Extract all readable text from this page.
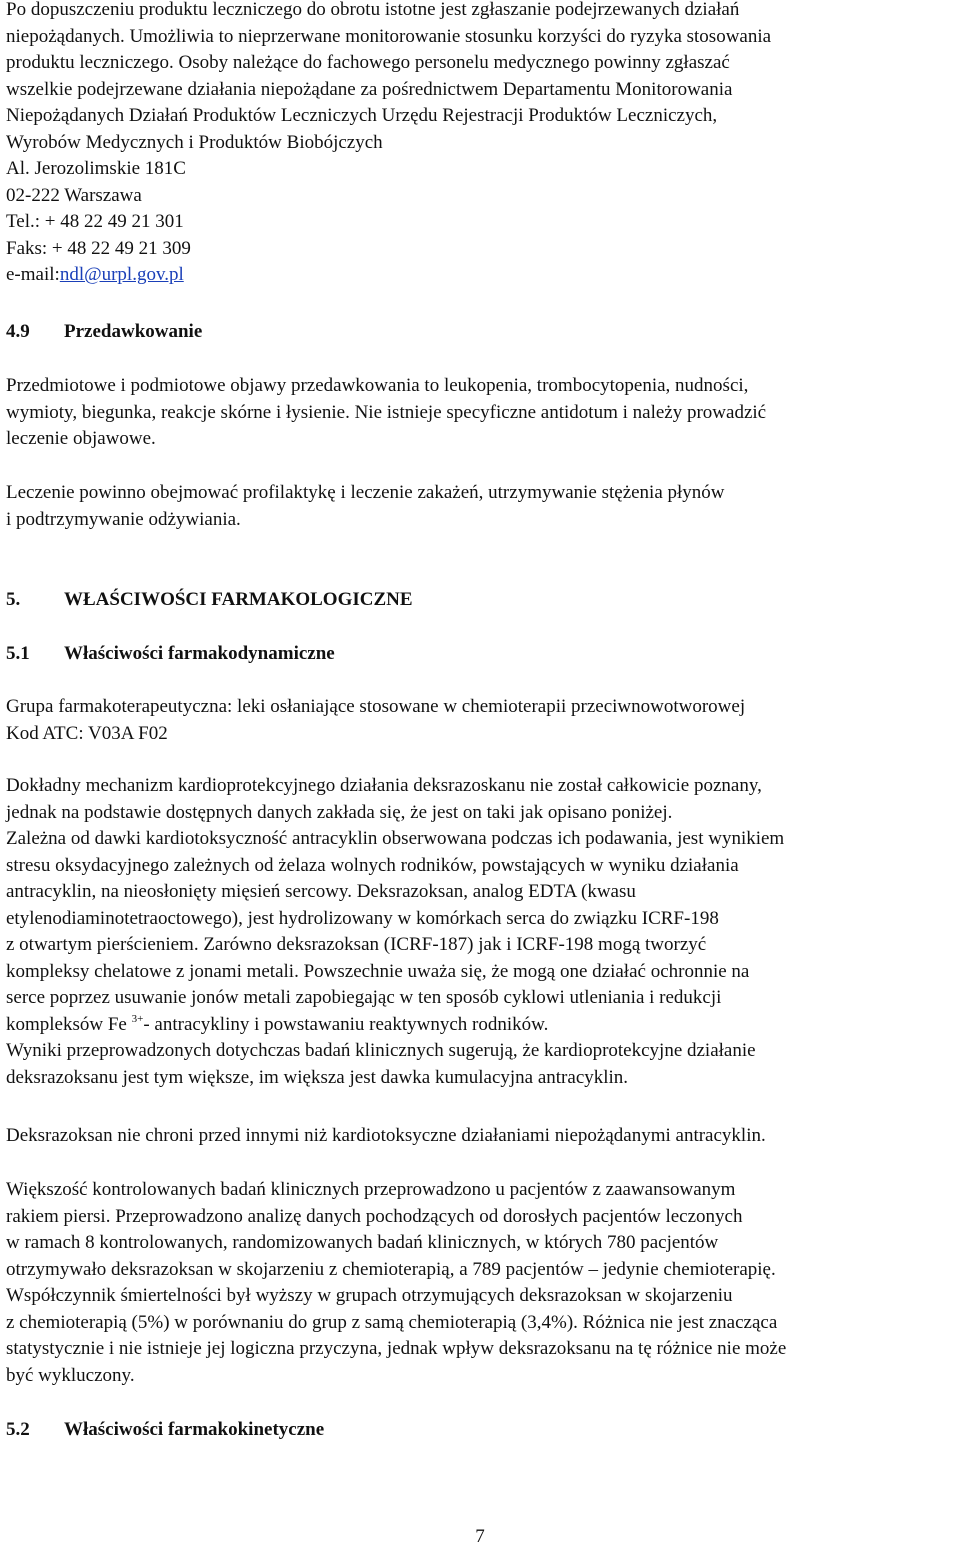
Po dopuszczeniu produktu leczniczego do obrotu istotne jest zgłaszanie podejrzewanych działań
niepożądanych. Umożliwia to nieprzerwane monitorowanie stosunku korzyści do ryzyka stosowania
produktu leczniczego. Osoby należące do fachowego personelu medycznego powinny zgłaszać
wszelkie podejrzewane działania niepożądane za pośrednictwem Departamentu Monitorowania
Niepożądanych Działań Produktów Leczniczych Urzędu Rejestracji Produktów Leczniczych,
Wyrobów Medycznych i Produktów Biobójczych
Al. Jerozolimskie 181C
02-222 Warszawa
Tel.: + 48 22 49 21 301
Faks: + 48 22 49 21 309
e-mail:ndl@urpl.gov.pl
4.9 Przedawkowanie
Przedmiotowe i podmiotowe objawy przedawkowania to leukopenia, trombocytopenia, nudności,
wymioty, biegunka, reakcje skórne i łysienie. Nie istnieje specyficzne antidotum i należy prowadzić
leczenie objawowe.
Leczenie powinno obejmować profilaktykę i leczenie zakażeń, utrzymywanie stężenia płynów
i podtrzymywanie odżywiania.
5. WŁAŚCIWOŚCI FARMAKOLOGICZNE
5.1 Właściwości farmakodynamiczne
Grupa farmakoterapeutyczna: leki osłaniające stosowane w chemioterapii przeciwnowotworowej
Kod ATC: V03A F02
Dokładny mechanizm kardioprotekcyjnego działania deksrazoskanu nie został całkowicie poznany,
jednak na podstawie dostępnych danych zakłada się, że jest on taki jak opisano poniżej.
Zależna od dawki kardiotoksyczność antracyklin obserwowana podczas ich podawania, jest wynikiem
stresu oksydacyjnego zależnych od żelaza wolnych rodników, powstających w wyniku działania
antracyklin, na nieosłonięty mięsień sercowy. Deksrazoksan, analog EDTA (kwasu
etylenodiaminotetraoctowego), jest hydrolizowany w komórkach serca do związku ICRF-198
z otwartym pierścieniem. Zarówno deksrazoksan (ICRF-187) jak i ICRF-198 mogą tworzyć
kompleksy chelatowe z jonami metali. Powszechnie uważa się, że mogą one działać ochronnie na
serce poprzez usuwanie jonów metali zapobiegając w ten sposób cyklowi utleniania i redukcji
kompleksów Fe $^{3+}$- antracykliny i powstawaniu reaktywnych rodników.
Wyniki przeprowadzonych dotychczas badań klinicznych sugerują, że kardioprotekcyjne działanie
deksrazoksanu jest tym większe, im większa jest dawka kumulacyjna antracyklin.
Deksrazoksan nie chroni przed innymi niż kardiotoksyczne działaniami niepożądanymi antracyklin.
Większość kontrolowanych badań klinicznych przeprowadzono u pacjentów z zaawansowanym
rakiem piersi. Przeprowadzono analizę danych pochodzących od dorosłych pacjentów leczonych
w ramach 8 kontrolowanych, randomizowanych badań klinicznych, w których 780 pacjentów
otrzymywało deksrazoksan w skojarzeniu z chemioterapią, a 789 pacjentów – jedynie chemioterapię.
Współczynnik śmiertelności był wyższy w grupach otrzymujących deksrazoksan w skojarzeniu
z chemioterapią (5%) w porównaniu do grup z samą chemioterapią (3,4%). Różnica nie jest znacząca
statystycznie i nie istnieje jej logiczna przyczyna, jednak wpływ deksrazoksanu na tę różnice nie może
być wykluczony.
5.2 Właściwości farmakokinetyczne
7
